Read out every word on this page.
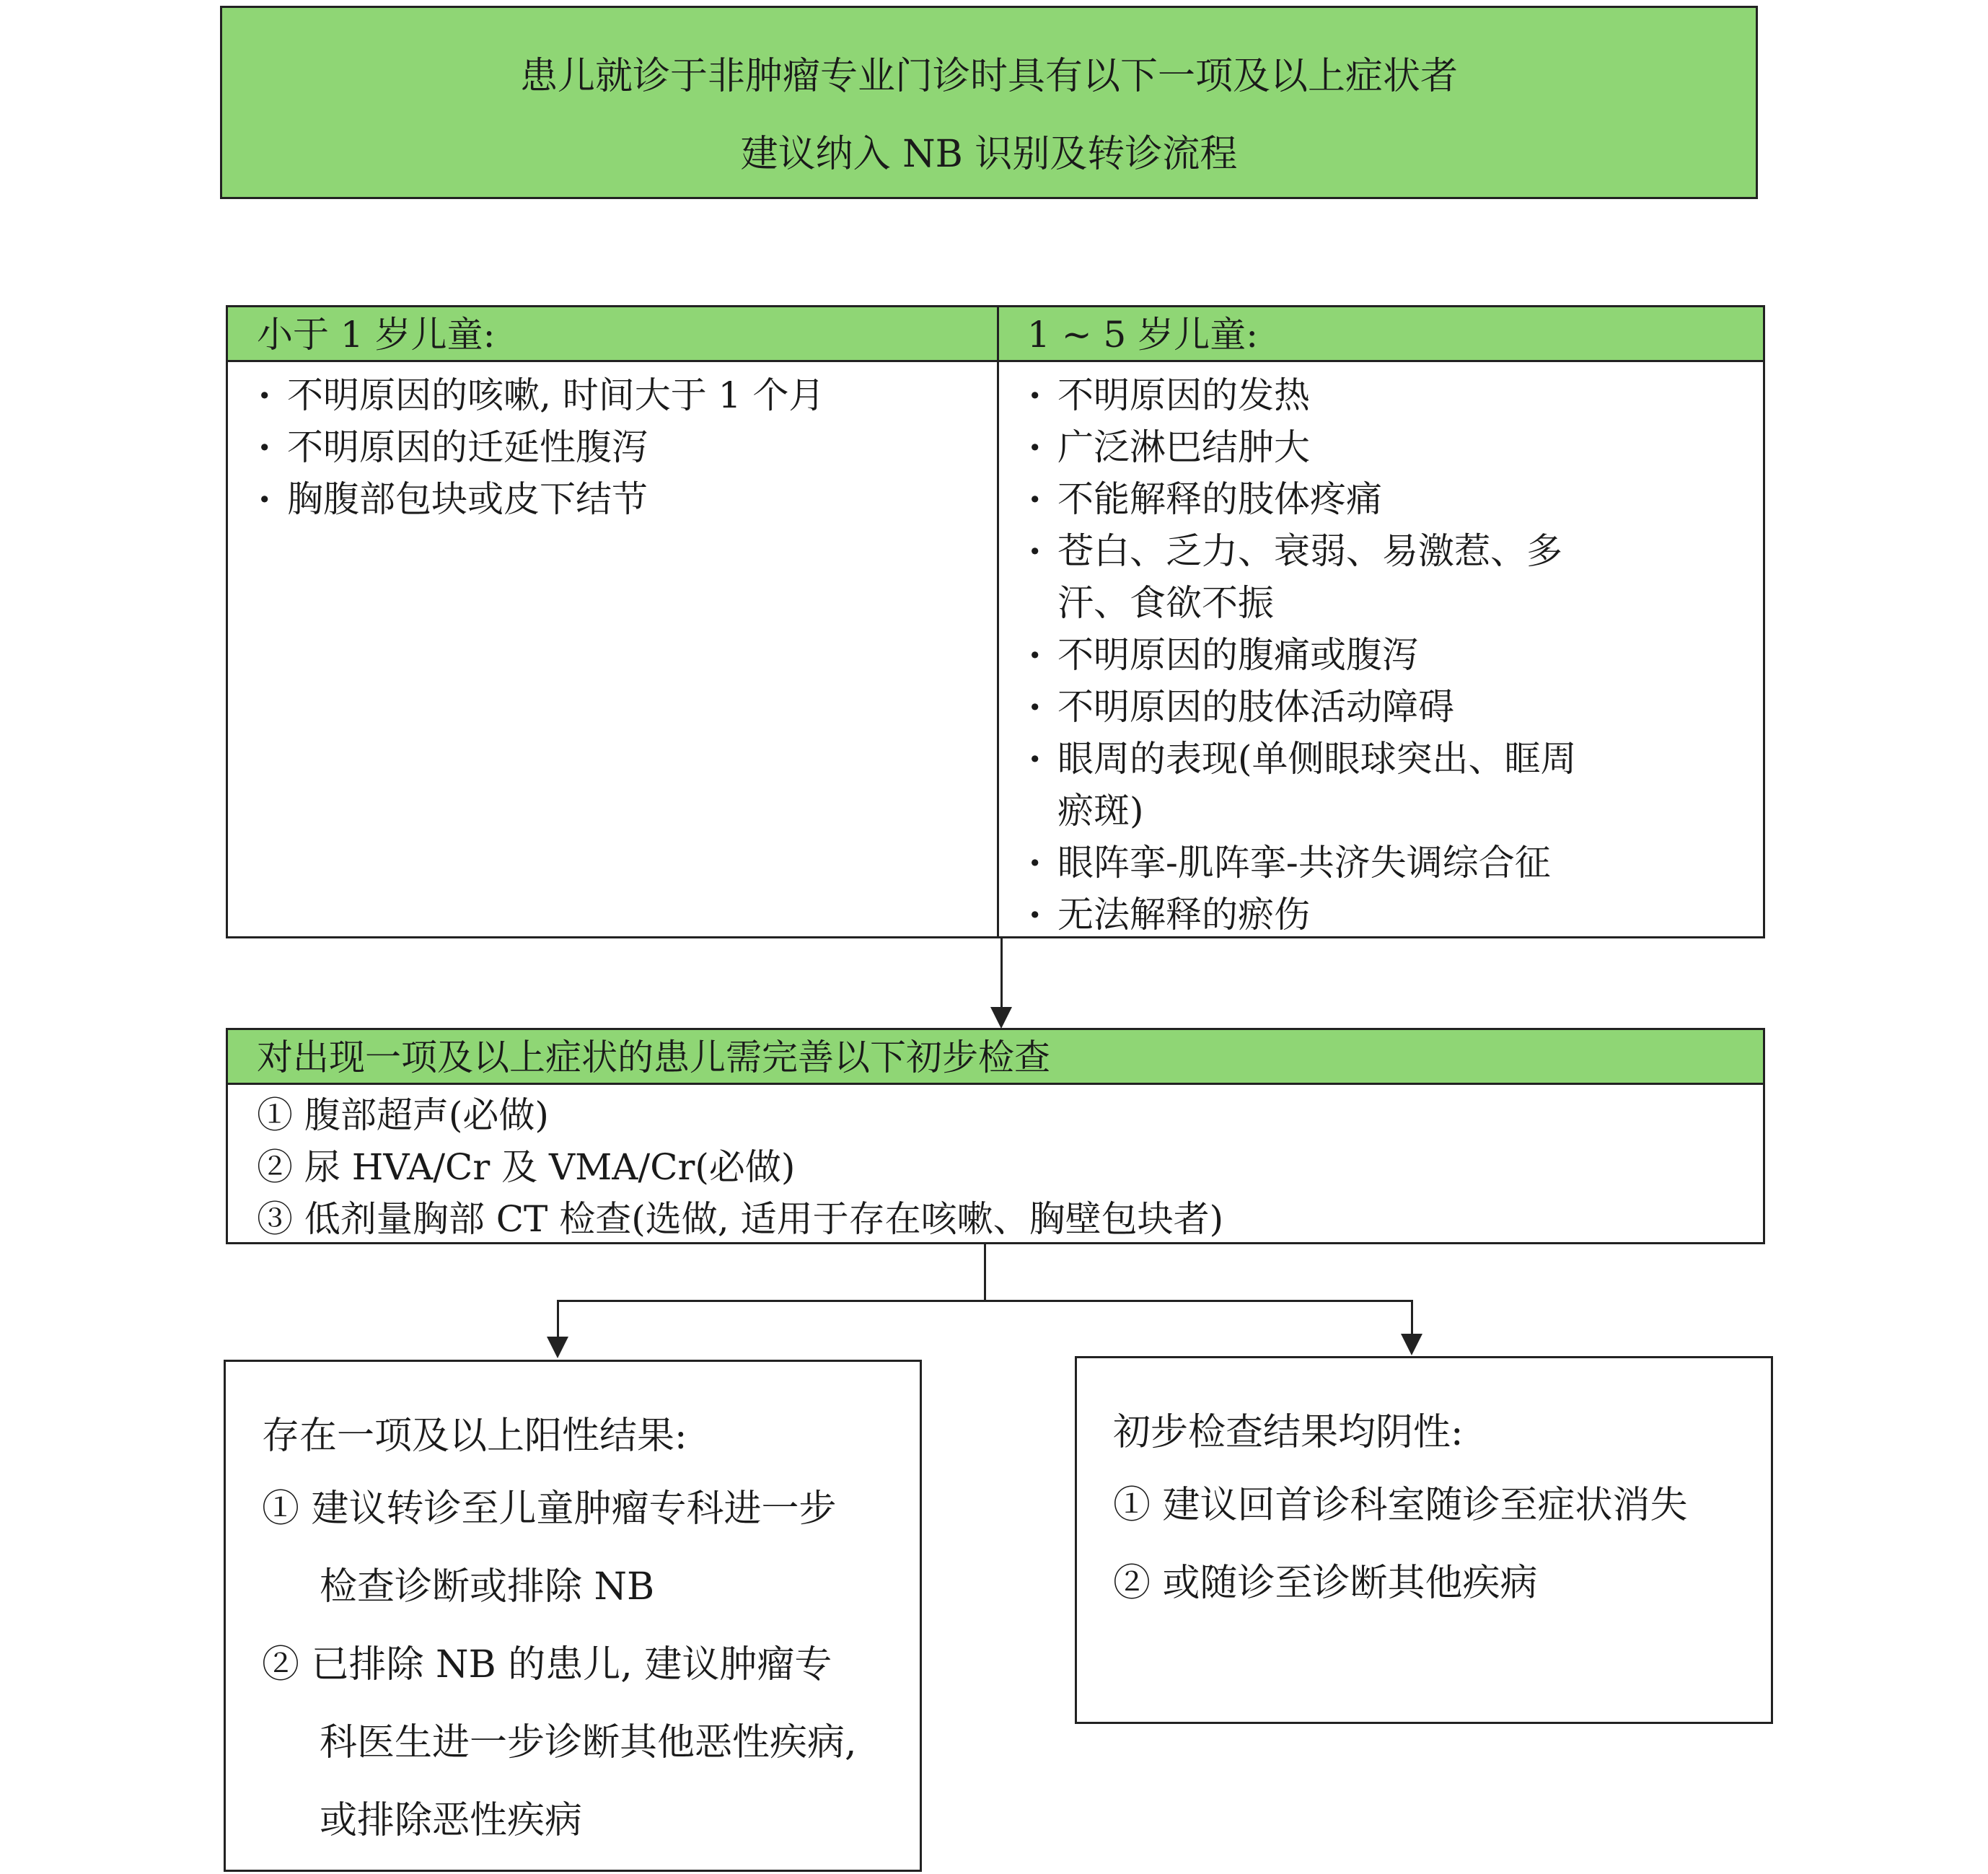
患儿就诊于非肿瘤专业门诊时具有以下一项及以上症状者
建议纳入 NB 识别及转诊流程
小于 1 岁儿童:	1 ~ 5 岁儿童:
· 不明原因的咳嗽, 时间大于 1 个月
· 不明原因的迁延性腹泻
· 胸腹部包块或皮下结节
· 不明原因的发热
· 广泛淋巴结肿大
· 不能解释的肢体疼痛
· 苍白、乏力、衰弱、易激惹、多
汗、食欲不振
· 不明原因的腹痛或腹泻
· 不明原因的肢体活动障碍
· 眼周的表现(单侧眼球突出、眶周
瘀斑)
· 眼阵挛-肌阵挛-共济失调综合征
· 无法解释的瘀伤
对出现一项及以上症状的患儿需完善以下初步检查
① 腹部超声(必做)
② 尿 HVA/Cr 及 VMA/Cr(必做)
③ 低剂量胸部 CT 检查(选做, 适用于存在咳嗽、胸壁包块者)
存在一项及以上阳性结果:
① 建议转诊至儿童肿瘤专科进一步
检查诊断或排除 NB
② 已排除 NB 的患儿, 建议肿瘤专
科医生进一步诊断其他恶性疾病,
或排除恶性疾病
初步检查结果均阴性:
① 建议回首诊科室随诊至症状消失
② 或随诊至诊断其他疾病
